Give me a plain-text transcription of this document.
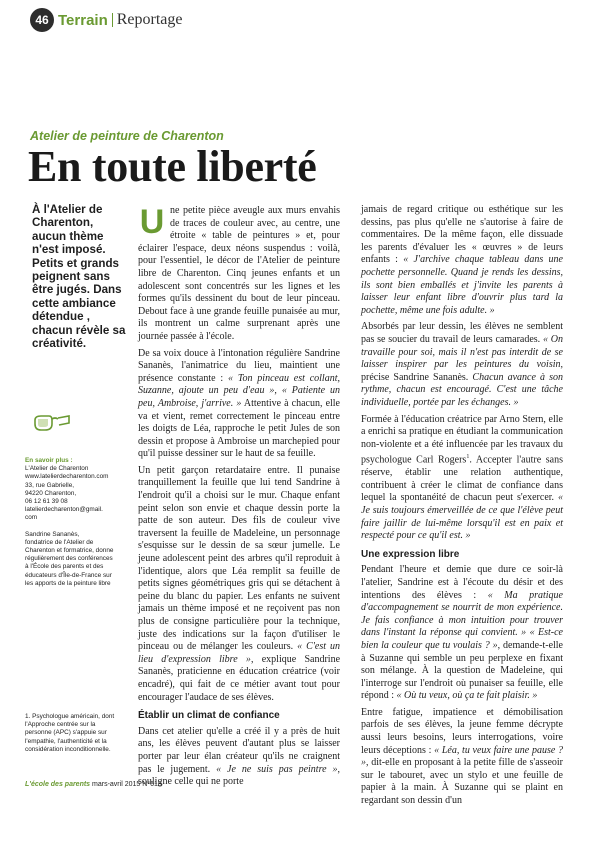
46 Terrain Reportage
Atelier de peinture de Charenton
En toute liberté
À l'Atelier de Charenton, aucun thème n'est imposé. Petits et grands peignent sans être jugés. Dans cette ambiance détendue , chacun révèle sa créativité.
En savoir plus :

L'Atelier de Charenton
www.latelierdecharenton.com
33, rue Gabrielle,
94220 Charenton,
06 12 61 39 08
latelierdecharenton@gmail.
com

Sandrine Sananès,
fondatrice de l'Atelier de
Charenton et formatrice, donne
régulièrement des conférences
à l'École des parents et des
éducateurs d'Île-de-France sur
les apports de la peinture libre

1. Psychologue américain, dont
l'Approche centrée sur la
personne (APC) s'appuie sur
l'empathie, l'authenticité et la
considération inconditionnelle.

L'école des parents mars-avril 2015 N°613
U ne petite pièce aveugle aux murs envahis de traces de couleur avec, au centre, une étroite « table de peintures » et, pour éclairer l'espace, deux néons suspendus : voilà, pour l'essentiel, le décor de l'Atelier de peinture libre de Charenton. Cinq jeunes enfants et un adolescent sont concentrés sur les lignes et les formes qu'ils dessinent du bout de leur pinceau. Debout face à une grande feuille punaisée au mur, ils montrent un calme surprenant après une journée passée à l'école.

De sa voix douce à l'intonation régulière Sandrine Sananès, l'animatrice du lieu, maintient une présence constante : « Ton pinceau est collant, Suzanne, ajoute un peu d'eau », « Patiente un peu, Ambroise, j'arrive. » Attentive à chacun, elle va et vient, remet correctement le pinceau entre les doigts de Léa, rapproche le petit Jules de son dessin et propose à Ambroise un marchepied pour qu'il puisse dessiner sur le haut de sa feuille.

Un petit garçon retardataire entre. Il punaise tranquillement la feuille que lui tend Sandrine à l'endroit qu'il a choisi sur le mur. Chaque enfant peint selon son envie et chaque dessin porte la patte de son auteur. Des fils de couleur vive traversent la feuille de Madeleine, un personnage s'esquisse sur le dessin de sa sœur jumelle. Le jeune adolescent peint des arbres qu'il reproduit à l'identique, alors que Léa remplit sa feuille de petits signes géométriques gris qui se détachent à peine du blanc du papier. Les enfants ne suivent jamais un thème imposé et ne reçoivent pas non plus de consigne particulière pour la technique, juste des indications sur la façon d'utiliser le pinceau ou de mélanger les couleurs. « C'est un lieu d'expression libre », explique Sandrine Sananès, praticienne en éducation créatrice (voir encadré), qui fait de ce métier avant tout pour encourager l'audace de ses élèves.

Établir un climat de confiance

Dans cet atelier qu'elle a créé il y a près de huit ans, les élèves peuvent d'autant plus se laisser porter par leur élan créateur qu'ils ne craignent pas le jugement. « Je ne suis pas peintre », souligne celle qui ne porte

jamais de regard critique ou esthétique sur les dessins, pas plus qu'elle ne s'autorise à faire de commentaires. De la même façon, elle dissuade les parents d'évaluer les « œuvres » de leurs enfants : « J'archive chaque tableau dans une pochette personnelle. Quand je rends les dessins, ils sont bien emballés et j'invite les parents à laisser leur enfant libre d'ouvrir plus tard la pochette, même une fois adulte. »

Absorbés par leur dessin, les élèves ne semblent pas se soucier du travail de leurs camarades. « On travaille pour soi, mais il n'est pas interdit de se laisser inspirer par les peintures du voisin, précise Sandrine Sananès. Chacun avance à son rythme, chacun est encouragé. C'est une tâche individuelle, portée par les échanges. »

Formée à l'éducation créatrice par Arno Stern, elle a enrichi sa pratique en étudiant la communication non-violente et a été influencée par les travaux du psychologue Carl Rogers$^1$. Accepter l'autre sans réserve, établir une relation authentique, contribuent à créer le climat de confiance dans lequel la spontanéité de chacun peut s'exercer. « Je suis toujours émerveillée de ce que l'élève peut faire jaillir de lui-même lorsqu'il est en paix et respecté pour ce qu'il est. »

Une expression libre

Pendant l'heure et demie que dure ce soir-là l'atelier, Sandrine est à l'écoute du désir et des intentions des élèves : « Ma pratique d'accompagnement se nourrit de mon expérience. Je fais confiance à mon intuition pour trouver dans l'instant la réponse qui convient. » « Est-ce bien la couleur que tu voulais ? », demande-t-elle à Suzanne qui semble un peu perplexe en fixant son mélange. À la question de Madeleine, qui l'interroge sur l'endroit où punaiser sa feuille, elle répond : « Où tu veux, où ça te fait plaisir. »

Entre fatigue, impatience et démobilisation parfois de ses élèves, la jeune femme décrypte aussi leurs besoins, leurs interrogations, voire leurs déceptions : « Léa, tu veux faire une pause ? », dit-elle en proposant à la petite fille de s'asseoir sur le tabouret, avec un stylo et une feuille de papier à la main. À Suzanne qui se plaint en regardant son dessin d'un
